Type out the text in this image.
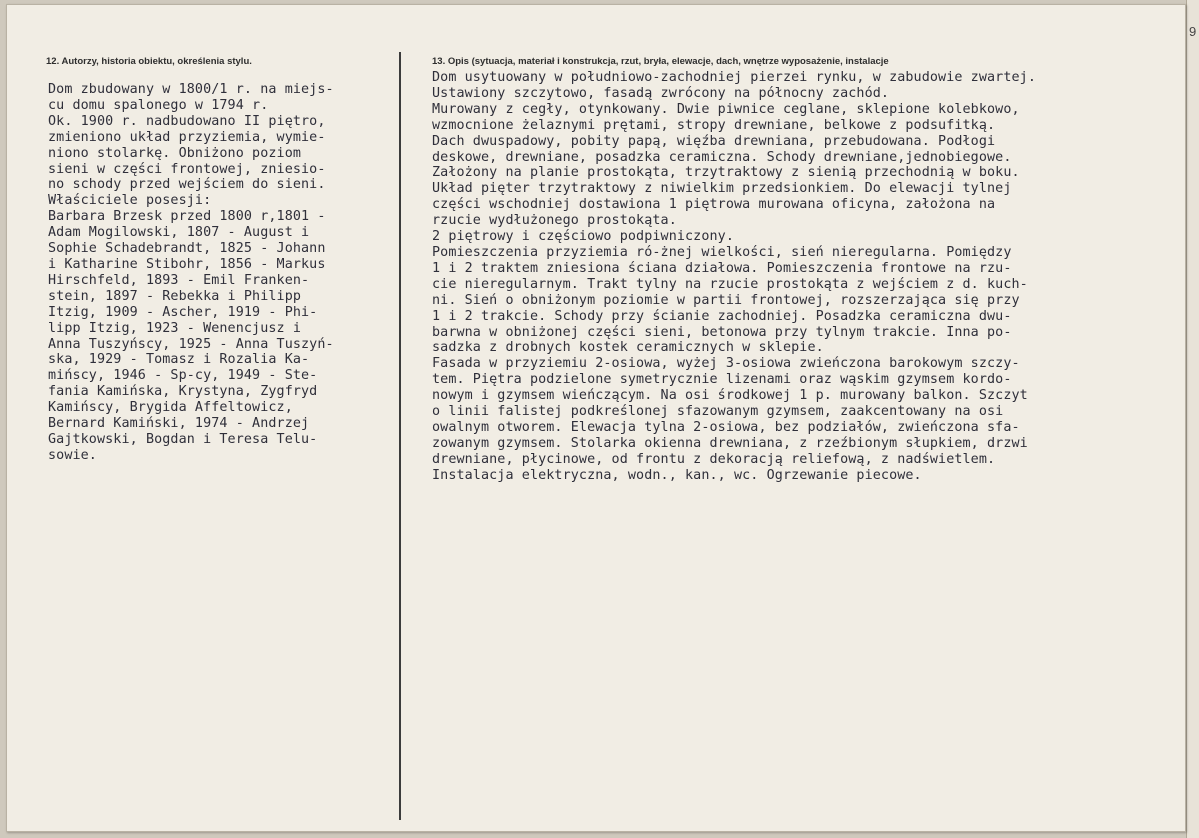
9
12. Autorzy, historia obiektu, określenia stylu.	13. Opis (sytuacja, materiał i konstrukcja, rzut, bryła, elewacje, dach, wnętrze wyposażenie, instalacje
Dom zbudowany w 1800/1 r. na miejs-
cu domu spalonego w 1794 r.
Ok. 1900 r. nadbudowano II piętro,
zmieniono układ przyziemia, wymie-
niono stolarkę. Obniżono poziom
sieni w części frontowej, zniesio-
no schody przed wejściem do sieni.
Właściciele posesji:
Barbara Brzesk przed 1800 r,1801 -
Adam Mogilowski, 1807 - August i
Sophie Schadebrandt, 1825 - Johann
i Katharine Stibohr, 1856 - Markus
Hirschfeld, 1893 - Emil Franken-
stein, 1897 - Rebekka i Philipp
Itzig, 1909 - Ascher, 1919 - Phi-
lipp Itzig, 1923 - Wenencjusz i
Anna Tuszyńscy, 1925 - Anna Tuszyń-
ska, 1929 - Tomasz i Rozalia Ka-
mińscy, 1946 - Sp-cy, 1949 - Ste-
fania Kamińska, Krystyna, Zygfryd
Kamińscy, Brygida Affeltowicz,
Bernard Kamiński, 1974 - Andrzej
Gajtkowski, Bogdan i Teresa Telu-
sowie.
Dom usytuowany w południowo-zachodniej pierzei rynku, w zabudowie zwartej.
Ustawiony szczytowo, fasadą zwrócony na północny zachód.
Murowany z cegły, otynkowany. Dwie piwnice ceglane, sklepione kolebkowo,
wzmocnione żelaznymi prętami, stropy drewniane, belkowe z podsufitką.
Dach dwuspadowy, pobity papą, więźba drewniana, przebudowana. Podłogi
deskowe, drewniane, posadzka ceramiczna. Schody drewniane,jednobiegowe.
Założony na planie prostokąta, trzytraktowy z sienią przechodnią w boku.
Układ pięter trzytraktowy z niwielkim przedsionkiem. Do elewacji tylnej
części wschodniej dostawiona 1 piętrowa murowana oficyna, założona na
rzucie wydłużonego prostokąta.
2 piętrowy i częściowo podpiwniczony.
Pomieszczenia przyziemia ró-żnej wielkości, sień nieregularna. Pomiędzy
1 i 2 traktem zniesiona ściana działowa. Pomieszczenia frontowe na rzu-
cie nieregularnym. Trakt tylny na rzucie prostokąta z wejściem z d. kuch-
ni. Sień o obniżonym poziomie w partii frontowej, rozszerzająca się przy
1 i 2 trakcie. Schody przy ścianie zachodniej. Posadzka ceramiczna dwu-
barwna w obniżonej części sieni, betonowa przy tylnym trakcie. Inna po-
sadzka z drobnych kostek ceramicznych w sklepie.
Fasada w przyziemiu 2-osiowa, wyżej 3-osiowa zwieńczona barokowym szczy-
tem. Piętra podzielone symetrycznie lizenami oraz wąskim gzymsem kordo-
nowym i gzymsem wieńczącym. Na osi środkowej 1 p. murowany balkon. Szczyt
o linii falistej podkreślonej sfazowanym gzymsem, zaakcentowany na osi
owalnym otworem. Elewacja tylna 2-osiowa, bez podziałów, zwieńczona sfa-
zowanym gzymsem. Stolarka okienna drewniana, z rzeźbionym słupkiem, drzwi
drewniane, płycinowe, od frontu z dekoracją reliefową, z nadświetlem.
Instalacja elektryczna, wodn., kan., wc. Ogrzewanie piecowe.
